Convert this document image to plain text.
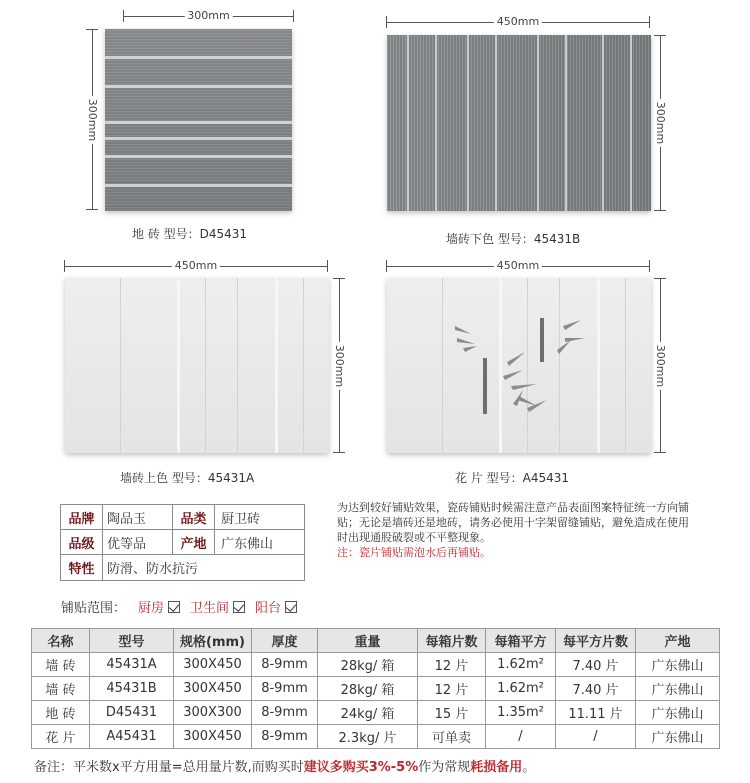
300mm
300mm
地 砖 型号：D45431
450mm
300mm
墙砖下色 型号：45431B
450mm
300mm
墙砖上色 型号：45431A
450mm
300mm
花 片 型号：A45431
品牌 陶品玉	品类	厨卫砖
品级 优等品	产地	广东佛山
特性 防滑、防水抗污
为达到较好铺贴效果，瓷砖铺贴时候需注意产品表面图案特征统一方向铺贴；无论是墙砖还是地砖，请务必使用十字架留缝铺贴，避免造成在使用时出现通股破裂或不平整现象。
注：瓷片铺贴需泡水后再铺贴。
铺贴范围： 厨房 卫生间 阳台
名称	型号	规格(mm)	厚度	重量	每箱片数	每箱平方	每平方片数	产地
墙 砖	45431A	300X450	8-9mm	28kg/ 箱	12 片	1.62m²	7.40 片	广东佛山
墙 砖	45431B	300X450	8-9mm	28kg/ 箱	12 片	1.62m²	7.40 片	广东佛山
地 砖	D45431	300X300	8-9mm	24kg/ 箱	15 片	1.35m²	11.11 片	广东佛山
花 片	A45431	300X450	8-9mm	2.3kg/ 片	可单卖	/	/	广东佛山
备注：平米数x平方用量=总用量片数,而购买时建议多购买3%-5%作为常规耗损备用。
